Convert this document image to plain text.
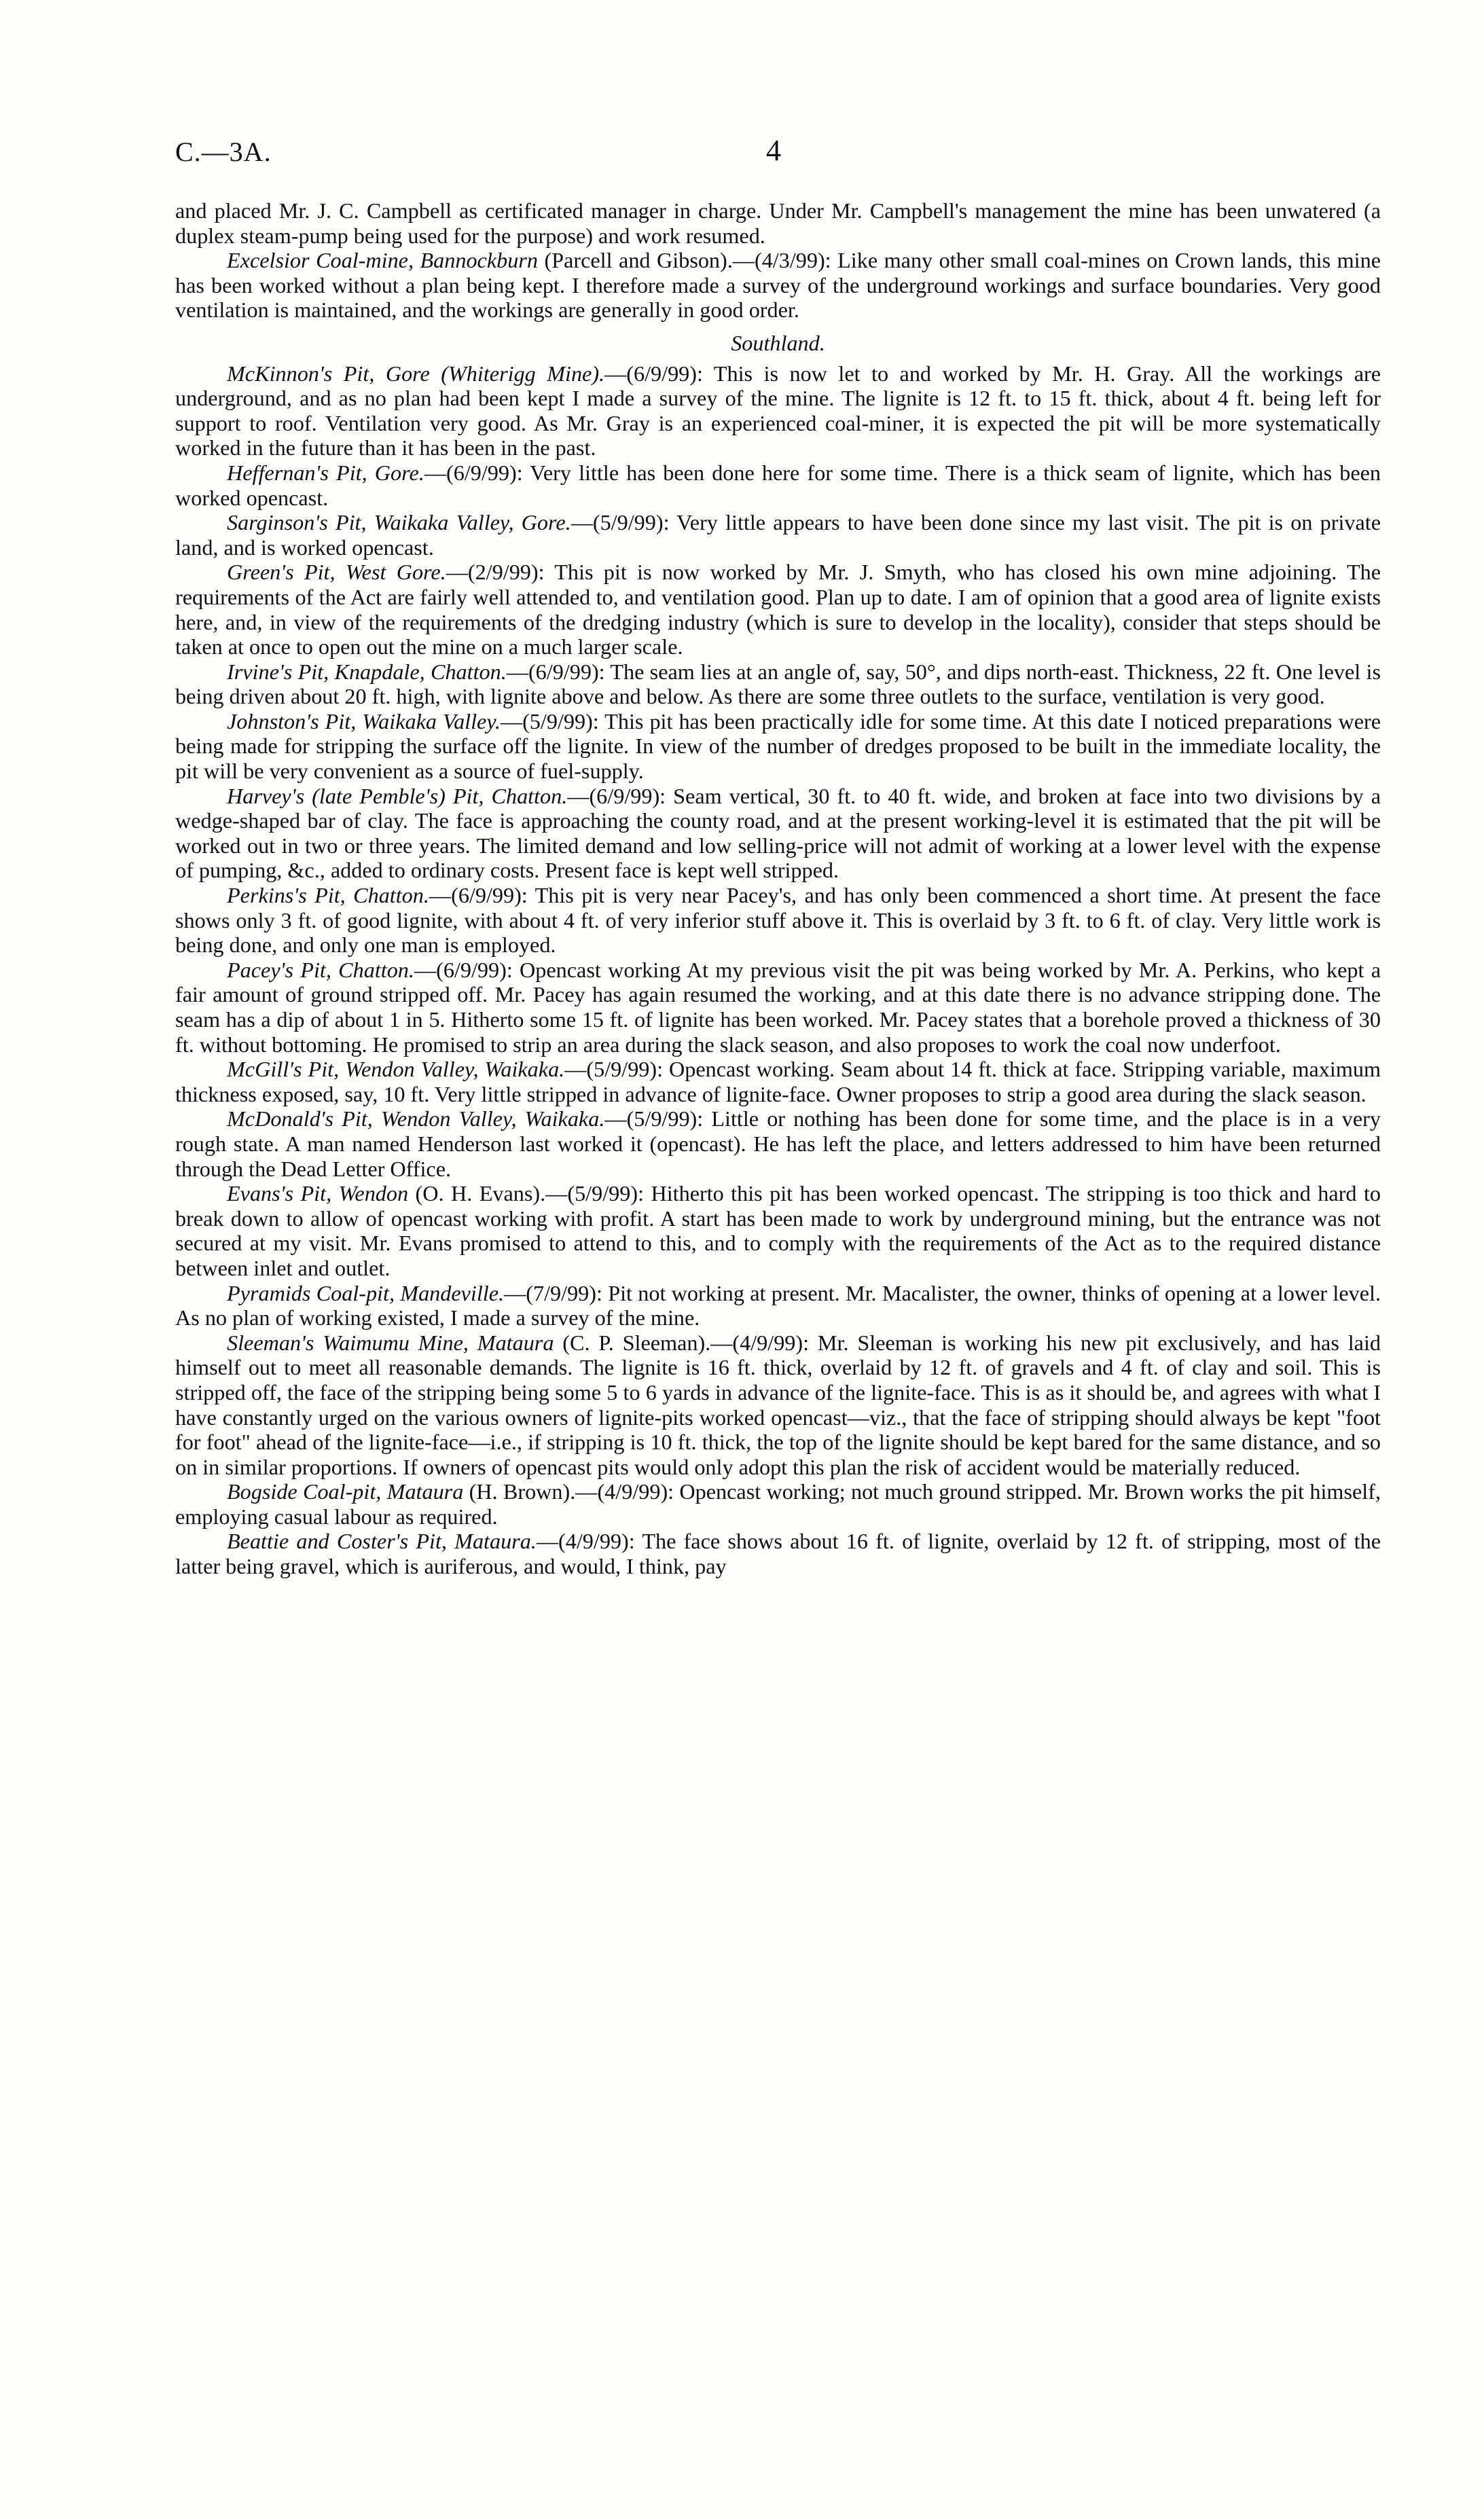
C.—3A.	4

and placed Mr. J. C. Campbell as certificated manager in charge. Under Mr. Campbell's management the mine has been unwatered (a duplex steam-pump being used for the purpose) and work resumed.

Excelsior Coal-mine, Bannockburn (Parcell and Gibson).—(4/3/99): Like many other small coal-mines on Crown lands, this mine has been worked without a plan being kept. I therefore made a survey of the underground workings and surface boundaries. Very good ventilation is maintained, and the workings are generally in good order.

Southland.

McKinnon's Pit, Gore (Whiterigg Mine).—(6/9/99): This is now let to and worked by Mr. H. Gray. All the workings are underground, and as no plan had been kept I made a survey of the mine. The lignite is 12 ft. to 15 ft. thick, about 4 ft. being left for support to roof. Ventilation very good. As Mr. Gray is an experienced coal-miner, it is expected the pit will be more systematically worked in the future than it has been in the past.

Heffernan's Pit, Gore.—(6/9/99): Very little has been done here for some time. There is a thick seam of lignite, which has been worked opencast.

Sarginson's Pit, Waikaka Valley, Gore.—(5/9/99): Very little appears to have been done since my last visit. The pit is on private land, and is worked opencast.

Green's Pit, West Gore.—(2/9/99): This pit is now worked by Mr. J. Smyth, who has closed his own mine adjoining. The requirements of the Act are fairly well attended to, and ventilation good. Plan up to date. I am of opinion that a good area of lignite exists here, and, in view of the requirements of the dredging industry (which is sure to develop in the locality), consider that steps should be taken at once to open out the mine on a much larger scale.

Irvine's Pit, Knapdale, Chatton.—(6/9/99): The seam lies at an angle of, say, 50°, and dips north-east. Thickness, 22 ft. One level is being driven about 20 ft. high, with lignite above and below. As there are some three outlets to the surface, ventilation is very good.

Johnston's Pit, Waikaka Valley.—(5/9/99): This pit has been practically idle for some time. At this date I noticed preparations were being made for stripping the surface off the lignite. In view of the number of dredges proposed to be built in the immediate locality, the pit will be very convenient as a source of fuel-supply.

Harvey's (late Pemble's) Pit, Chatton.—(6/9/99): Seam vertical, 30 ft. to 40 ft. wide, and broken at face into two divisions by a wedge-shaped bar of clay. The face is approaching the county road, and at the present working-level it is estimated that the pit will be worked out in two or three years. The limited demand and low selling-price will not admit of working at a lower level with the expense of pumping, &c., added to ordinary costs. Present face is kept well stripped.

Perkins's Pit, Chatton.—(6/9/99): This pit is very near Pacey's, and has only been commenced a short time. At present the face shows only 3 ft. of good lignite, with about 4 ft. of very inferior stuff above it. This is overlaid by 3 ft. to 6 ft. of clay. Very little work is being done, and only one man is employed.

Pacey's Pit, Chatton.—(6/9/99): Opencast working At my previous visit the pit was being worked by Mr. A. Perkins, who kept a fair amount of ground stripped off. Mr. Pacey has again resumed the working, and at this date there is no advance stripping done. The seam has a dip of about 1 in 5. Hitherto some 15 ft. of lignite has been worked. Mr. Pacey states that a borehole proved a thickness of 30 ft. without bottoming. He promised to strip an area during the slack season, and also proposes to work the coal now underfoot.

McGill's Pit, Wendon Valley, Waikaka.—(5/9/99): Opencast working. Seam about 14 ft. thick at face. Stripping variable, maximum thickness exposed, say, 10 ft. Very little stripped in advance of lignite-face. Owner proposes to strip a good area during the slack season.

McDonald's Pit, Wendon Valley, Waikaka.—(5/9/99): Little or nothing has been done for some time, and the place is in a very rough state. A man named Henderson last worked it (opencast). He has left the place, and letters addressed to him have been returned through the Dead Letter Office.

Evans's Pit, Wendon (O. H. Evans).—(5/9/99): Hitherto this pit has been worked opencast. The stripping is too thick and hard to break down to allow of opencast working with profit. A start has been made to work by underground mining, but the entrance was not secured at my visit. Mr. Evans promised to attend to this, and to comply with the requirements of the Act as to the required distance between inlet and outlet.

Pyramids Coal-pit, Mandeville.—(7/9/99): Pit not working at present. Mr. Macalister, the owner, thinks of opening at a lower level. As no plan of working existed, I made a survey of the mine.

Sleeman's Waimumu Mine, Mataura (C. P. Sleeman).—(4/9/99): Mr. Sleeman is working his new pit exclusively, and has laid himself out to meet all reasonable demands. The lignite is 16 ft. thick, overlaid by 12 ft. of gravels and 4 ft. of clay and soil. This is stripped off, the face of the stripping being some 5 to 6 yards in advance of the lignite-face. This is as it should be, and agrees with what I have constantly urged on the various owners of lignite-pits worked opencast—viz., that the face of stripping should always be kept "foot for foot" ahead of the lignite-face—i.e., if stripping is 10 ft. thick, the top of the lignite should be kept bared for the same distance, and so on in similar proportions. If owners of opencast pits would only adopt this plan the risk of accident would be materially reduced.

Bogside Coal-pit, Mataura (H. Brown).—(4/9/99): Opencast working; not much ground stripped. Mr. Brown works the pit himself, employing casual labour as required.

Beattie and Coster's Pit, Mataura.—(4/9/99): The face shows about 16 ft. of lignite, overlaid by 12 ft. of stripping, most of the latter being gravel, which is auriferous, and would, I think, pay
